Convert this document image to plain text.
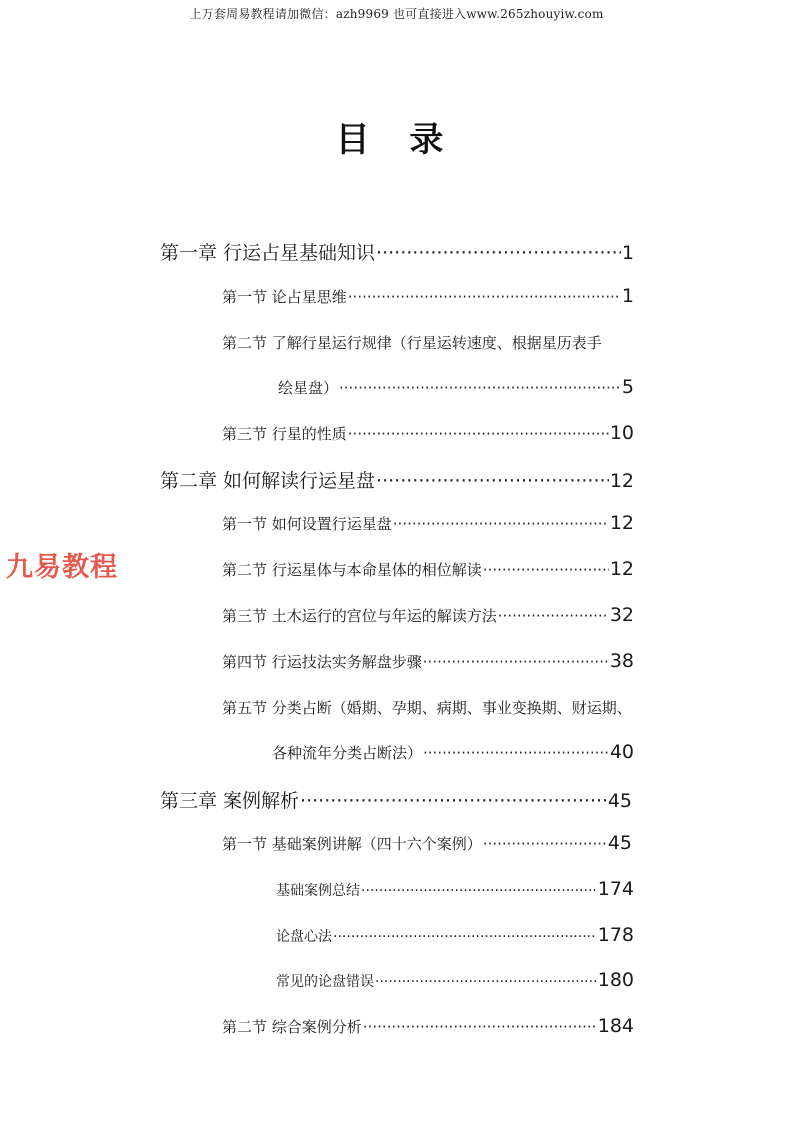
上万套周易教程请加微信：azh9969 也可直接进入www.265zhouyiw.com
目 录
九易教程
第一章 行运占星基础知识 ·····	1
第一节 论占星思维 ·····	1
第二节 了解行星运行规律（行星运转速度、根据星历表手
绘星盘） ·····	5
第三节 行星的性质 ·····	10
第二章 如何解读行运星盘 ·····	12
第一节 如何设置行运星盘 ·····	12
第二节 行运星体与本命星体的相位解读 ·····	12
第三节 土木运行的宫位与年运的解读方法 ·····	32
第四节 行运技法实务解盘步骤 ·····	38
第五节 分类占断（婚期、孕期、病期、事业变换期、财运期、
各种流年分类占断法） ·····	40
第三章 案例解析 ·····	45
第一节 基础案例讲解（四十六个案例） ·····	45
基础案例总结 ·····	174
论盘心法 ·····	178
常见的论盘错误 ·····	180
第二节 综合案例分析 ·····	184
